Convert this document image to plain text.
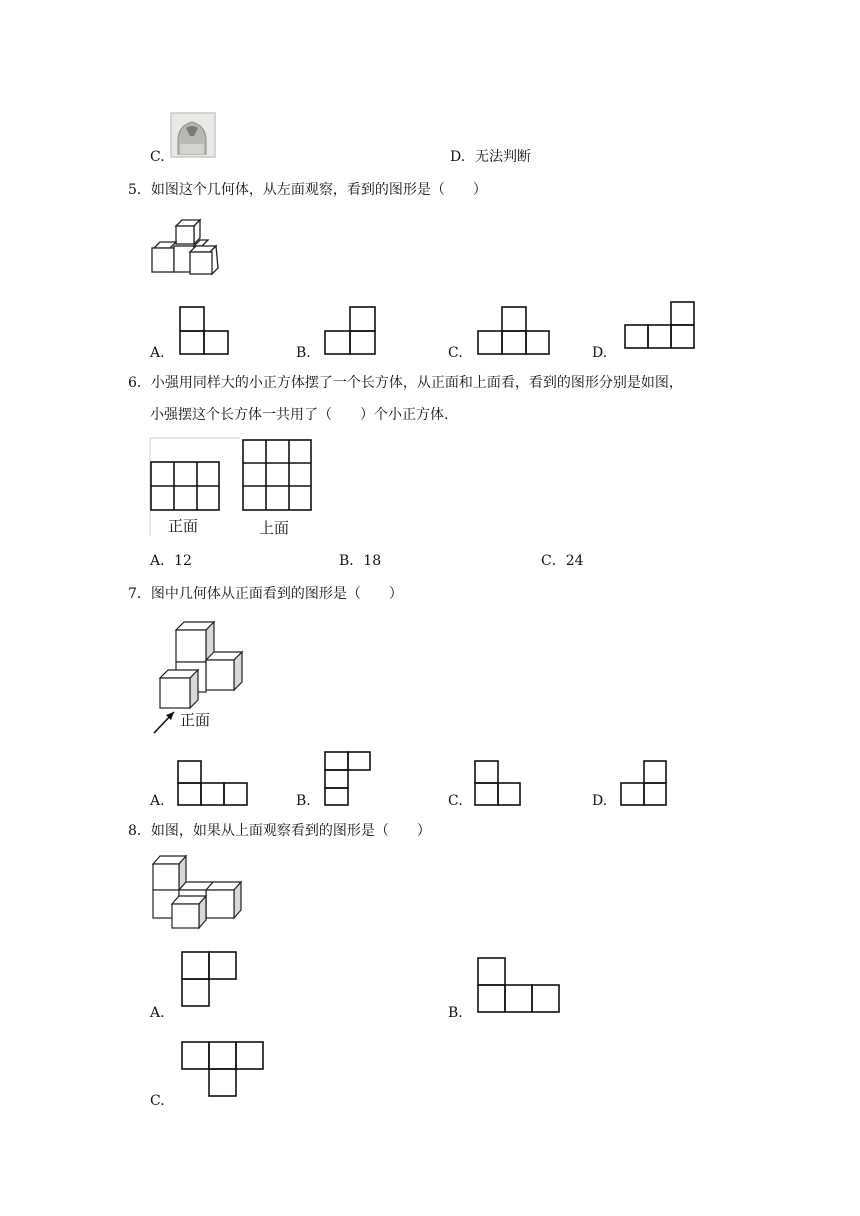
C.	D. 无法判断
5．如图这个几何体，从左面观察，看到的图形是（　　）
A.	B.	C.	D.
6．小强用同样大的小正方体摆了一个长方体，从正面和上面看，看到的图形分别是如图，
小强摆这个长方体一共用了（　　）个小正方体.
正面	上面
A．12	B．18	C．24
7．图中几何体从正面看到的图形是（　　）
正面
A.	B.	C.	D.
8．如图，如果从上面观察看到的图形是（　　）
A.	B.
C.
